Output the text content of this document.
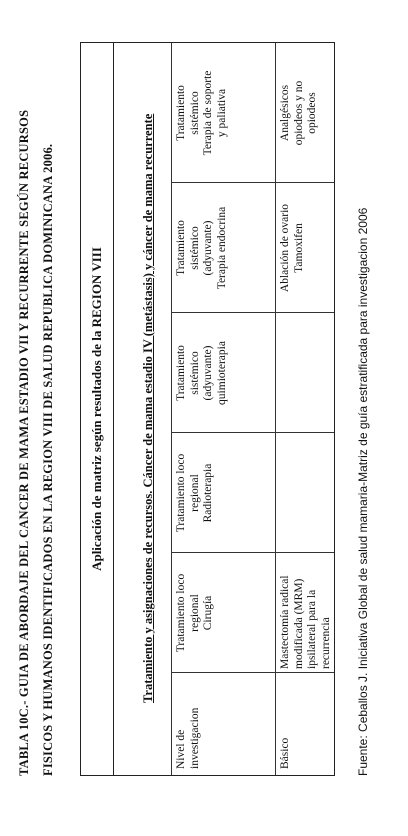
TABLA 10C.- GUIA DE ABORDAJE DEL CANCER DE MAMA ESTADIO VII Y RECURRENTE SEGÚN RECURSOS FISICOS Y HUMANOS IDENTIFICADOS EN LA REGION VIII DE SALUD REPUBLICA DOMINICANA 2006.	Aplicación de matriz según resultados de la REGION VIII	Tratamiento y asignaciones de recursos. Cáncer de mama estadio IV (metástasis) y cáncer de mama recurrente
Nivel de investigacion
Tratamiento loco regional Cirugía
Tratamiento loco regional Radioterapia
Tratamiento sistémico (adyuvante) quimioterapia
Tratamiento sistémico (adyuvante) Terapia endocrina
Tratamiento sistémico Terapia de soporte y paliativa
Básico
Mastectomía radical modificada (MRM) ipsilateral para la recurrencia
Ablación de ovario Tamoxifen
Analgésicos opiodeos y no opiodeos
Fuente: Ceballos J. Iniciativa Global de salud mamaria-Matriz de guía estratificada para investigacion 2006
